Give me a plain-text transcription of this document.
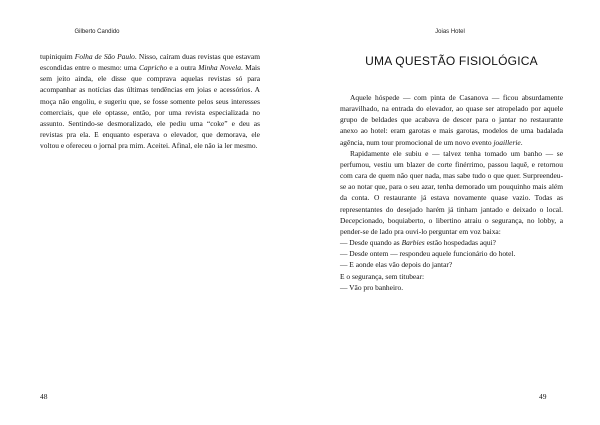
Gilberto Candido

tupiniquim Folha de São Paulo. Nisso, caíram duas revistas que estavam escondidas entre o mesmo: uma Capricho e a outra Minha Novela. Mais sem jeito ainda, ele disse que comprava aquelas revistas só para acompanhar as notícias das últimas tendências em joias e acessórios. A moça não engoliu, e sugeriu que, se fosse somente pelos seus interesses comerciais, que ele optasse, então, por uma revista especializada no assunto. Sentindo-se desmoralizado, ele pediu uma “coke” e deu as revistas pra ela. E enquanto esperava o elevador, que demorava, ele voltou e ofereceu o jornal pra mim. Aceitei. Afinal, ele não ia ler mesmo.

48
Joias Hotel
UMA QUESTÃO FISIOLÓGICA

Aquele hóspede — com pinta de Casanova — ficou absurdamente maravilhado, na entrada do elevador, ao quase ser atropelado por aquele grupo de beldades que acabava de descer para o jantar no restaurante anexo ao hotel: eram garotas e mais garotas, modelos de uma badalada agência, num tour promocional de um novo evento joaillerie.

Rapidamente ele subiu e — talvez tenha tomado um banho — se perfumou, vestiu um blazer de corte finérrimo, passou laquê, e retornou com cara de quem não quer nada, mas sabe tudo o que quer. Surpreendeu-se ao notar que, para o seu azar, tenha demorado um pouquinho mais além da conta. O restaurante já estava novamente quase vazio. Todas as representantes do desejado harém já tinham jantado e deixado o local. Decepcionado, boquiaberto, o libertino atraiu o segurança, no lobby, a pender-se de lado pra ouvi-lo perguntar em voz baixa:

— Desde quando as Barbies estão hospedadas aqui?

— Desde ontem — respondeu aquele funcionário do hotel.

— E aonde elas vão depois do jantar?

E o segurança, sem titubear:

— Vão pro banheiro.

49
